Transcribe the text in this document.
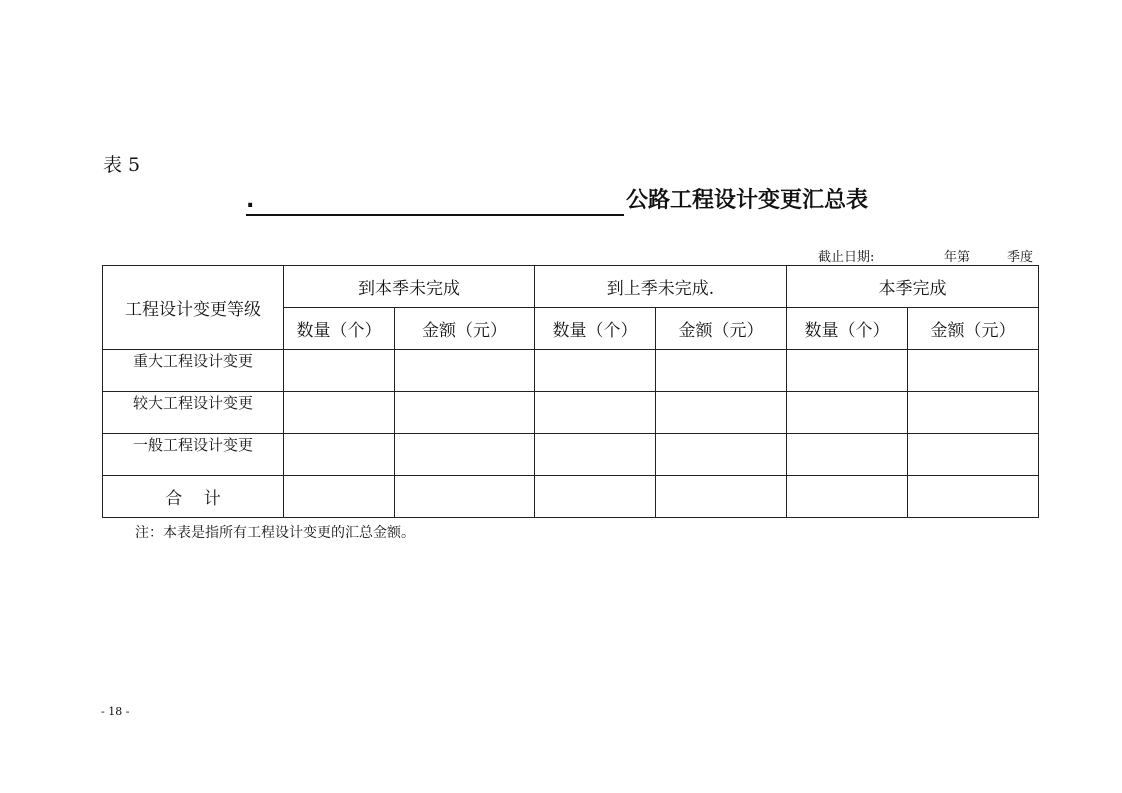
表 5
.	公路工程设计变更汇总表
截止日期:	年第	季度
工程设计变更等级	到本季未完成		到上季未完成.		本季完成	
	数量（个）	金额（元）	数量（个）	金额（元）	数量（个）	金额（元）
重大工程设计变更						
较大工程设计变更						
一般工程设计变更						
合    计						
注：本表是指所有工程设计变更的汇总金额。
- 18 -
